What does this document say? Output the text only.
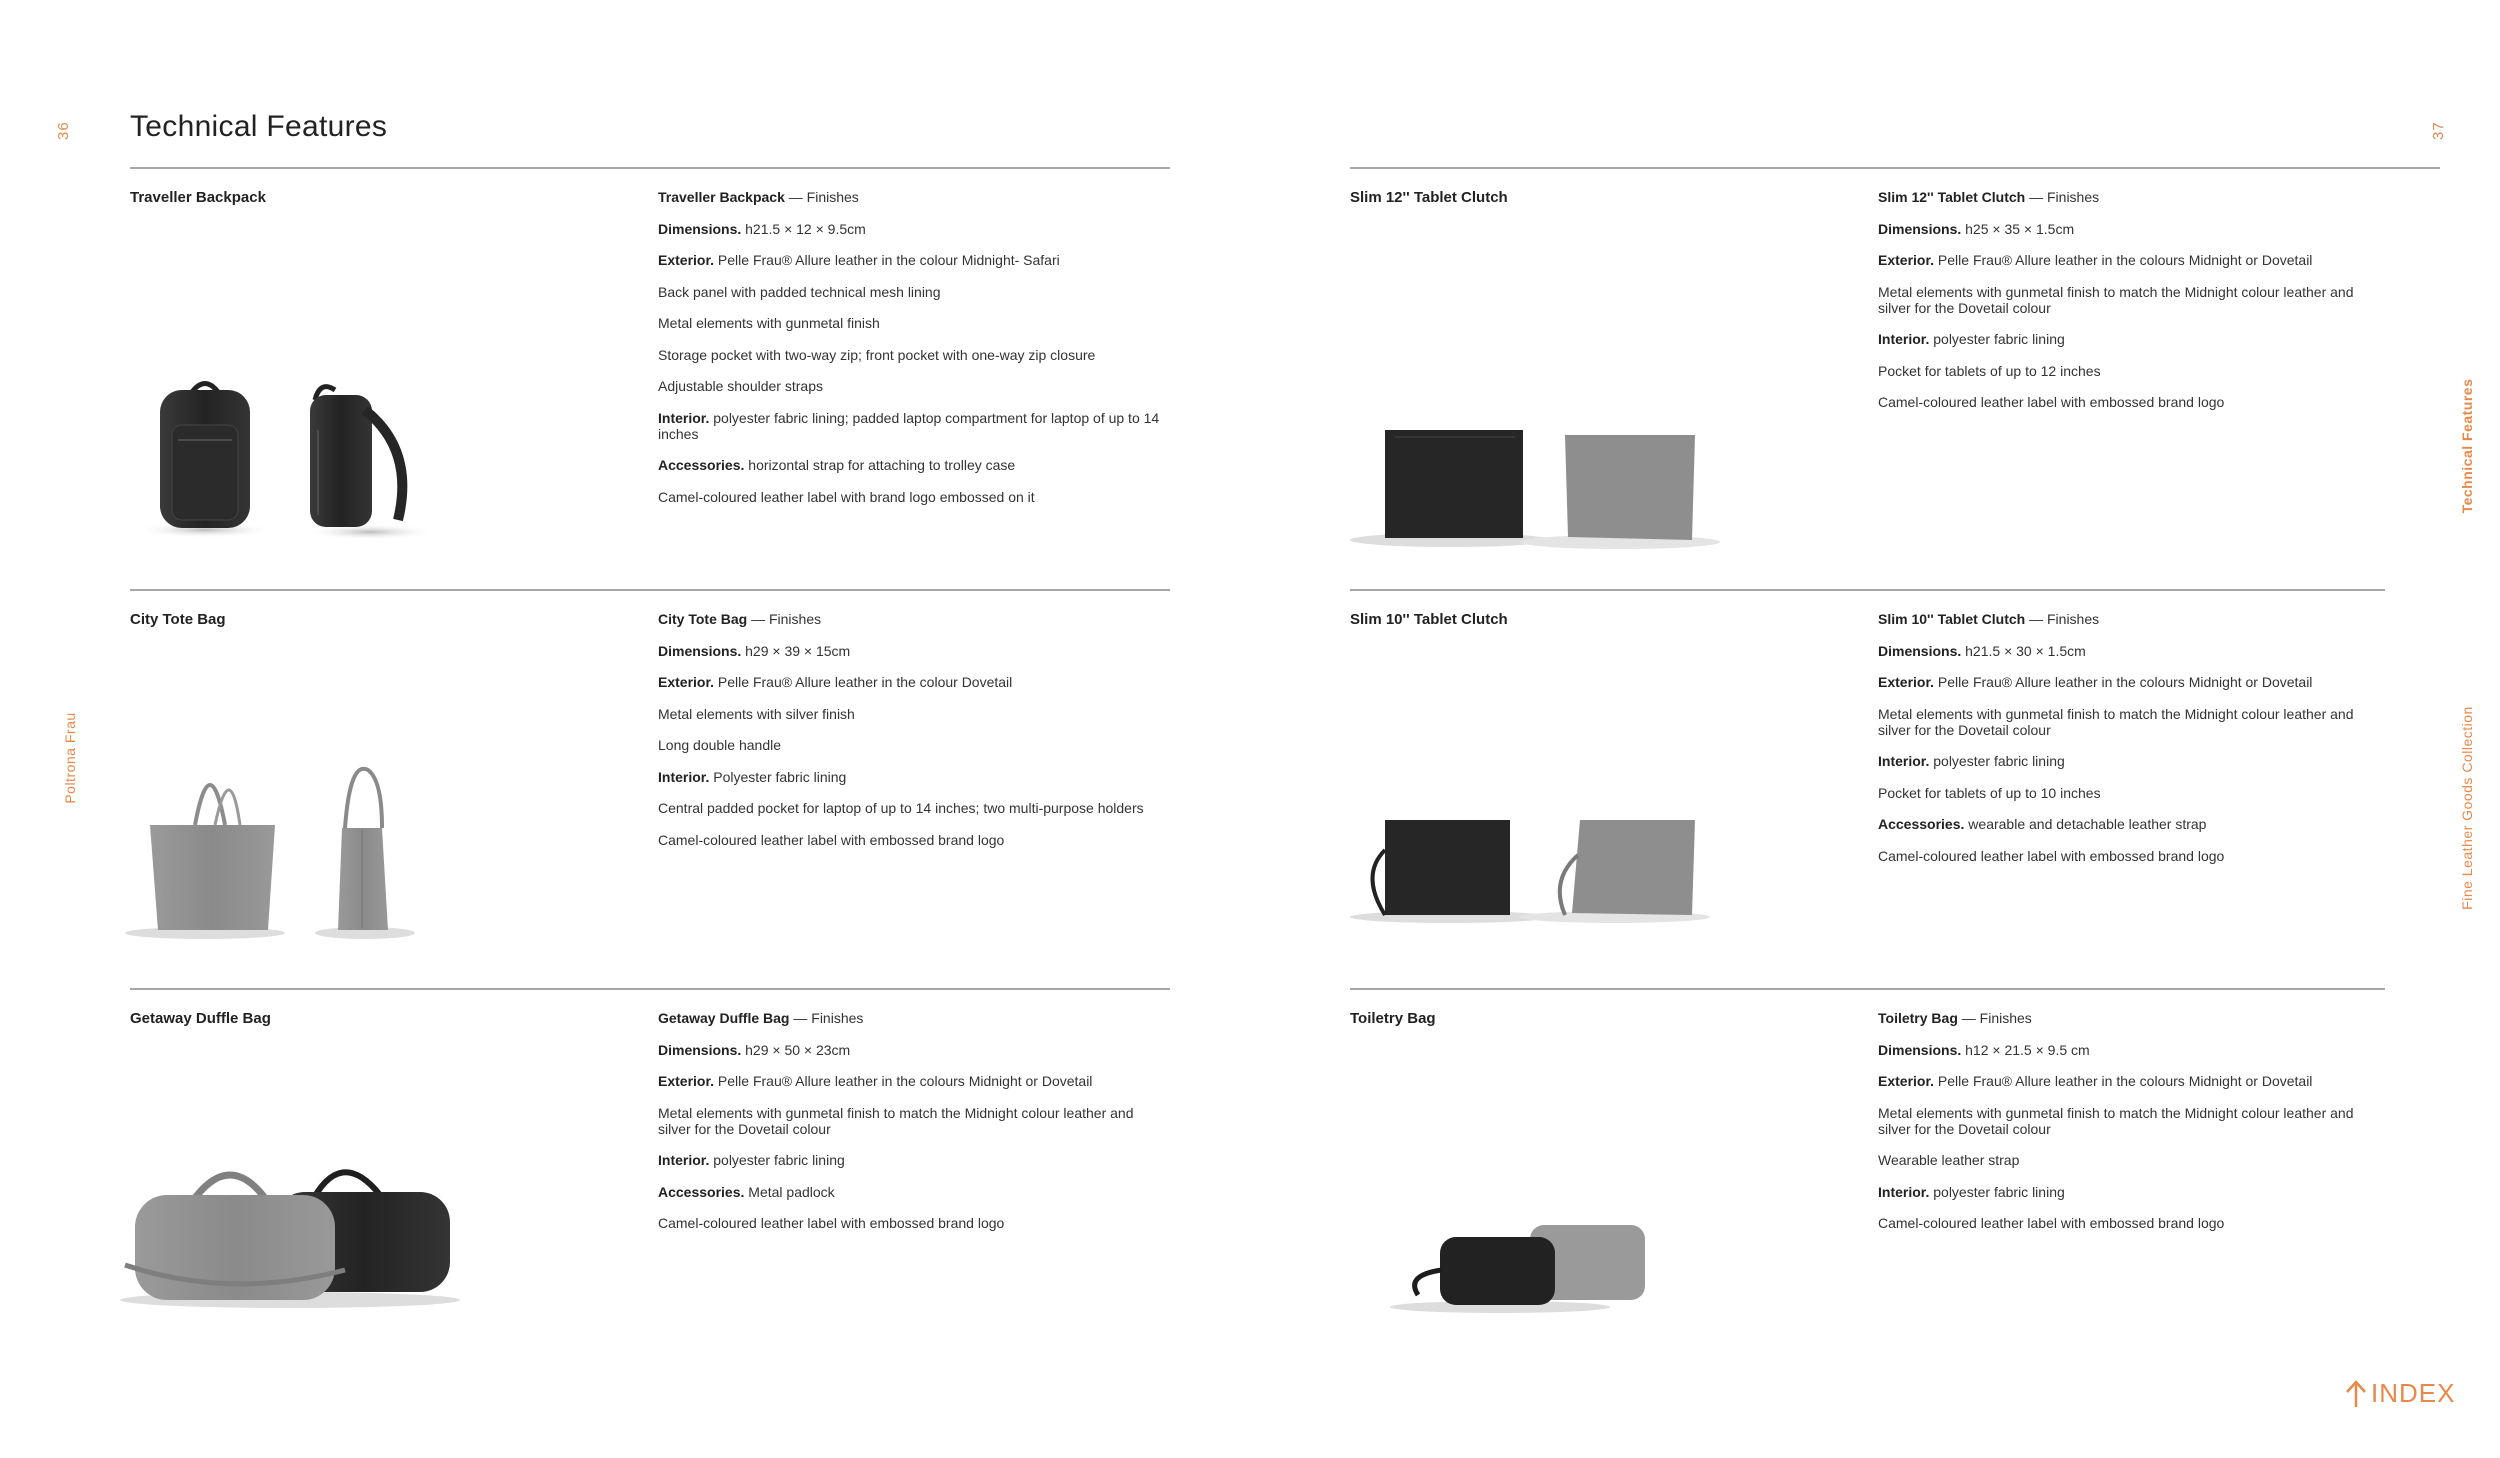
36	37
Poltrona Frau
Technical Features
Fine Leather Goods Collection
Technical Features
Traveller Backpack	Traveller Backpack — Finishes

Dimensions. h21.5 × 12 × 9.5cm

Exterior. Pelle Frau® Allure leather in the colour Midnight- Safari

Back panel with padded technical mesh lining

Metal elements with gunmetal finish

Storage pocket with two-way zip; front pocket with one-way zip closure

Adjustable shoulder straps

Interior. polyester fabric lining; padded laptop compartment for laptop of up to 14 inches

Accessories. horizontal strap for attaching to trolley case

Camel-coloured leather label with brand logo embossed on it

City Tote Bag	City Tote Bag — Finishes

Dimensions. h29 × 39 × 15cm

Exterior. Pelle Frau® Allure leather in the colour Dovetail

Metal elements with silver finish

Long double handle

Interior. Polyester fabric lining

Central padded pocket for laptop of up to 14 inches; two multi-purpose holders

Camel-coloured leather label with embossed brand logo

Getaway Duffle Bag	Getaway Duffle Bag — Finishes

Dimensions. h29 × 50 × 23cm

Exterior. Pelle Frau® Allure leather in the colours Midnight or Dovetail

Metal elements with gunmetal finish to match the Midnight colour leather and silver for the Dovetail colour

Interior. polyester fabric lining

Accessories. Metal padlock

Camel-coloured leather label with embossed brand logo

Slim 12'' Tablet Clutch	Slim 12'' Tablet Clutch — Finishes

Dimensions. h25 × 35 × 1.5cm

Exterior. Pelle Frau® Allure leather in the colours Midnight or Dovetail

Metal elements with gunmetal finish to match the Midnight colour leather and silver for the Dovetail colour

Interior. polyester fabric lining

Pocket for tablets of up to 12 inches

Camel-coloured leather label with embossed brand logo

Slim 10'' Tablet Clutch	Slim 10'' Tablet Clutch — Finishes

Dimensions. h21.5 × 30 × 1.5cm

Exterior. Pelle Frau® Allure leather in the colours Midnight or Dovetail

Metal elements with gunmetal finish to match the Midnight colour leather and silver for the Dovetail colour

Interior. polyester fabric lining

Pocket for tablets of up to 10 inches

Accessories. wearable and detachable leather strap

Camel-coloured leather label with embossed brand logo

Toiletry Bag	Toiletry Bag — Finishes

Dimensions. h12 × 21.5 × 9.5 cm

Exterior. Pelle Frau® Allure leather in the colours Midnight or Dovetail

Metal elements with gunmetal finish to match the Midnight colour leather and silver for the Dovetail colour

Wearable leather strap

Interior. polyester fabric lining

Camel-coloured leather label with embossed brand logo

INDEX
